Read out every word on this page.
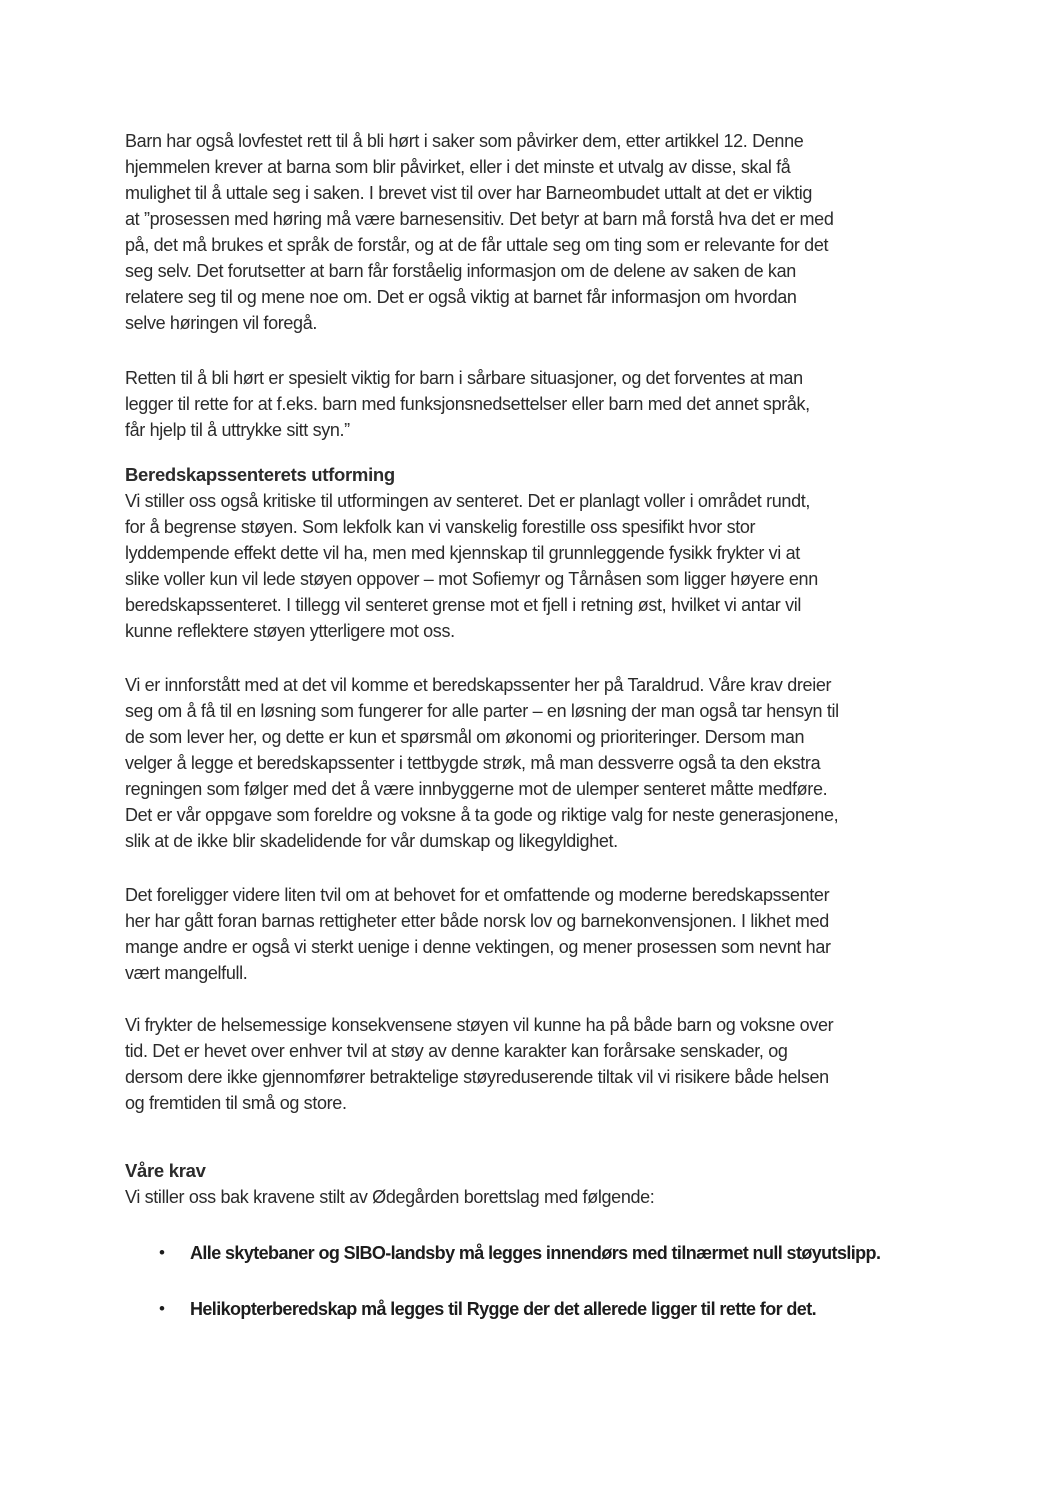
Barn har også lovfestet rett til å bli hørt i saker som påvirker dem, etter artikkel 12. Denne
hjemmelen krever at barna som blir påvirket, eller i det minste et utvalg av disse, skal få
mulighet til å uttale seg i saken. I brevet vist til over har Barneombudet uttalt at det er viktig
at ”prosessen med høring må være barnesensitiv. Det betyr at barn må forstå hva det er med
på, det må brukes et språk de forstår, og at de får uttale seg om ting som er relevante for det
seg selv. Det forutsetter at barn får forståelig informasjon om de delene av saken de kan
relatere seg til og mene noe om. Det er også viktig at barnet får informasjon om hvordan
selve høringen vil foregå.
Retten til å bli hørt er spesielt viktig for barn i sårbare situasjoner, og det forventes at man
legger til rette for at f.eks. barn med funksjonsnedsettelser eller barn med det annet språk,
får hjelp til å uttrykke sitt syn.”
Beredskapssenterets utforming
Vi stiller oss også kritiske til utformingen av senteret. Det er planlagt voller i området rundt,
for å begrense støyen. Som lekfolk kan vi vanskelig forestille oss spesifikt hvor stor
lyddempende effekt dette vil ha, men med kjennskap til grunnleggende fysikk frykter vi at
slike voller kun vil lede støyen oppover – mot Sofiemyr og Tårnåsen som ligger høyere enn
beredskapssenteret. I tillegg vil senteret grense mot et fjell i retning øst, hvilket vi antar vil
kunne reflektere støyen ytterligere mot oss.
Vi er innforstått med at det vil komme et beredskapssenter her på Taraldrud. Våre krav dreier
seg om å få til en løsning som fungerer for alle parter – en løsning der man også tar hensyn til
de som lever her, og dette er kun et spørsmål om økonomi og prioriteringer. Dersom man
velger å legge et beredskapssenter i tettbygde strøk, må man dessverre også ta den ekstra
regningen som følger med det å være innbyggerne mot de ulemper senteret måtte medføre.
Det er vår oppgave som foreldre og voksne å ta gode og riktige valg for neste generasjonene,
slik at de ikke blir skadelidende for vår dumskap og likegyldighet.
Det foreligger videre liten tvil om at behovet for et omfattende og moderne beredskapssenter
her har gått foran barnas rettigheter etter både norsk lov og barnekonvensjonen. I likhet med
mange andre er også vi sterkt uenige i denne vektingen, og mener prosessen som nevnt har
vært mangelfull.
Vi frykter de helsemessige konsekvensene støyen vil kunne ha på både barn og voksne over
tid. Det er hevet over enhver tvil at støy av denne karakter kan forårsake senskader, og
dersom dere ikke gjennomfører betraktelige støyreduserende tiltak vil vi risikere både helsen
og fremtiden til små og store.
Våre krav
Vi stiller oss bak kravene stilt av Ødegården borettslag med følgende:
•	Alle skytebaner og SIBO-landsby må legges innendørs med tilnærmet null støyutslipp.
•	Helikopterberedskap må legges til Rygge der det allerede ligger til rette for det.
